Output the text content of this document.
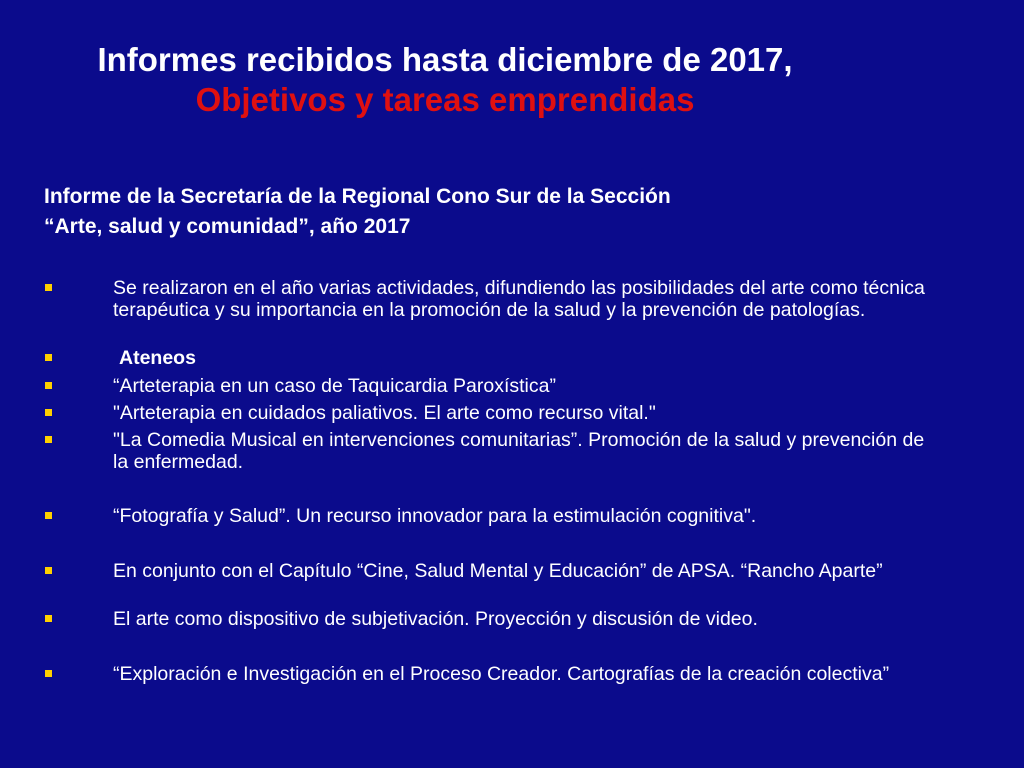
Informes recibidos hasta diciembre de 2017,
Objetivos y tareas emprendidas
Informe de la Secretaría de la Regional Cono Sur de la Sección
“Arte, salud y comunidad”, año 2017
Se realizaron en el año varias actividades, difundiendo las posibilidades del arte como técnica terapéutica y su importancia en la promoción de la salud y la prevención de patologías.
Ateneos
“Arteterapia en un caso de Taquicardia Paroxística”
"Arteterapia en cuidados paliativos. El arte como recurso vital."
"La Comedia Musical en intervenciones comunitarias”. Promoción de la salud y prevención de la enfermedad.
“Fotografía y Salud”. Un recurso innovador para la estimulación cognitiva".
En conjunto con el Capítulo “Cine, Salud Mental y Educación” de APSA. “Rancho Aparte”
El arte como dispositivo de subjetivación. Proyección y discusión de video.
“Exploración e Investigación en el Proceso Creador. Cartografías de la creación colectiva”
